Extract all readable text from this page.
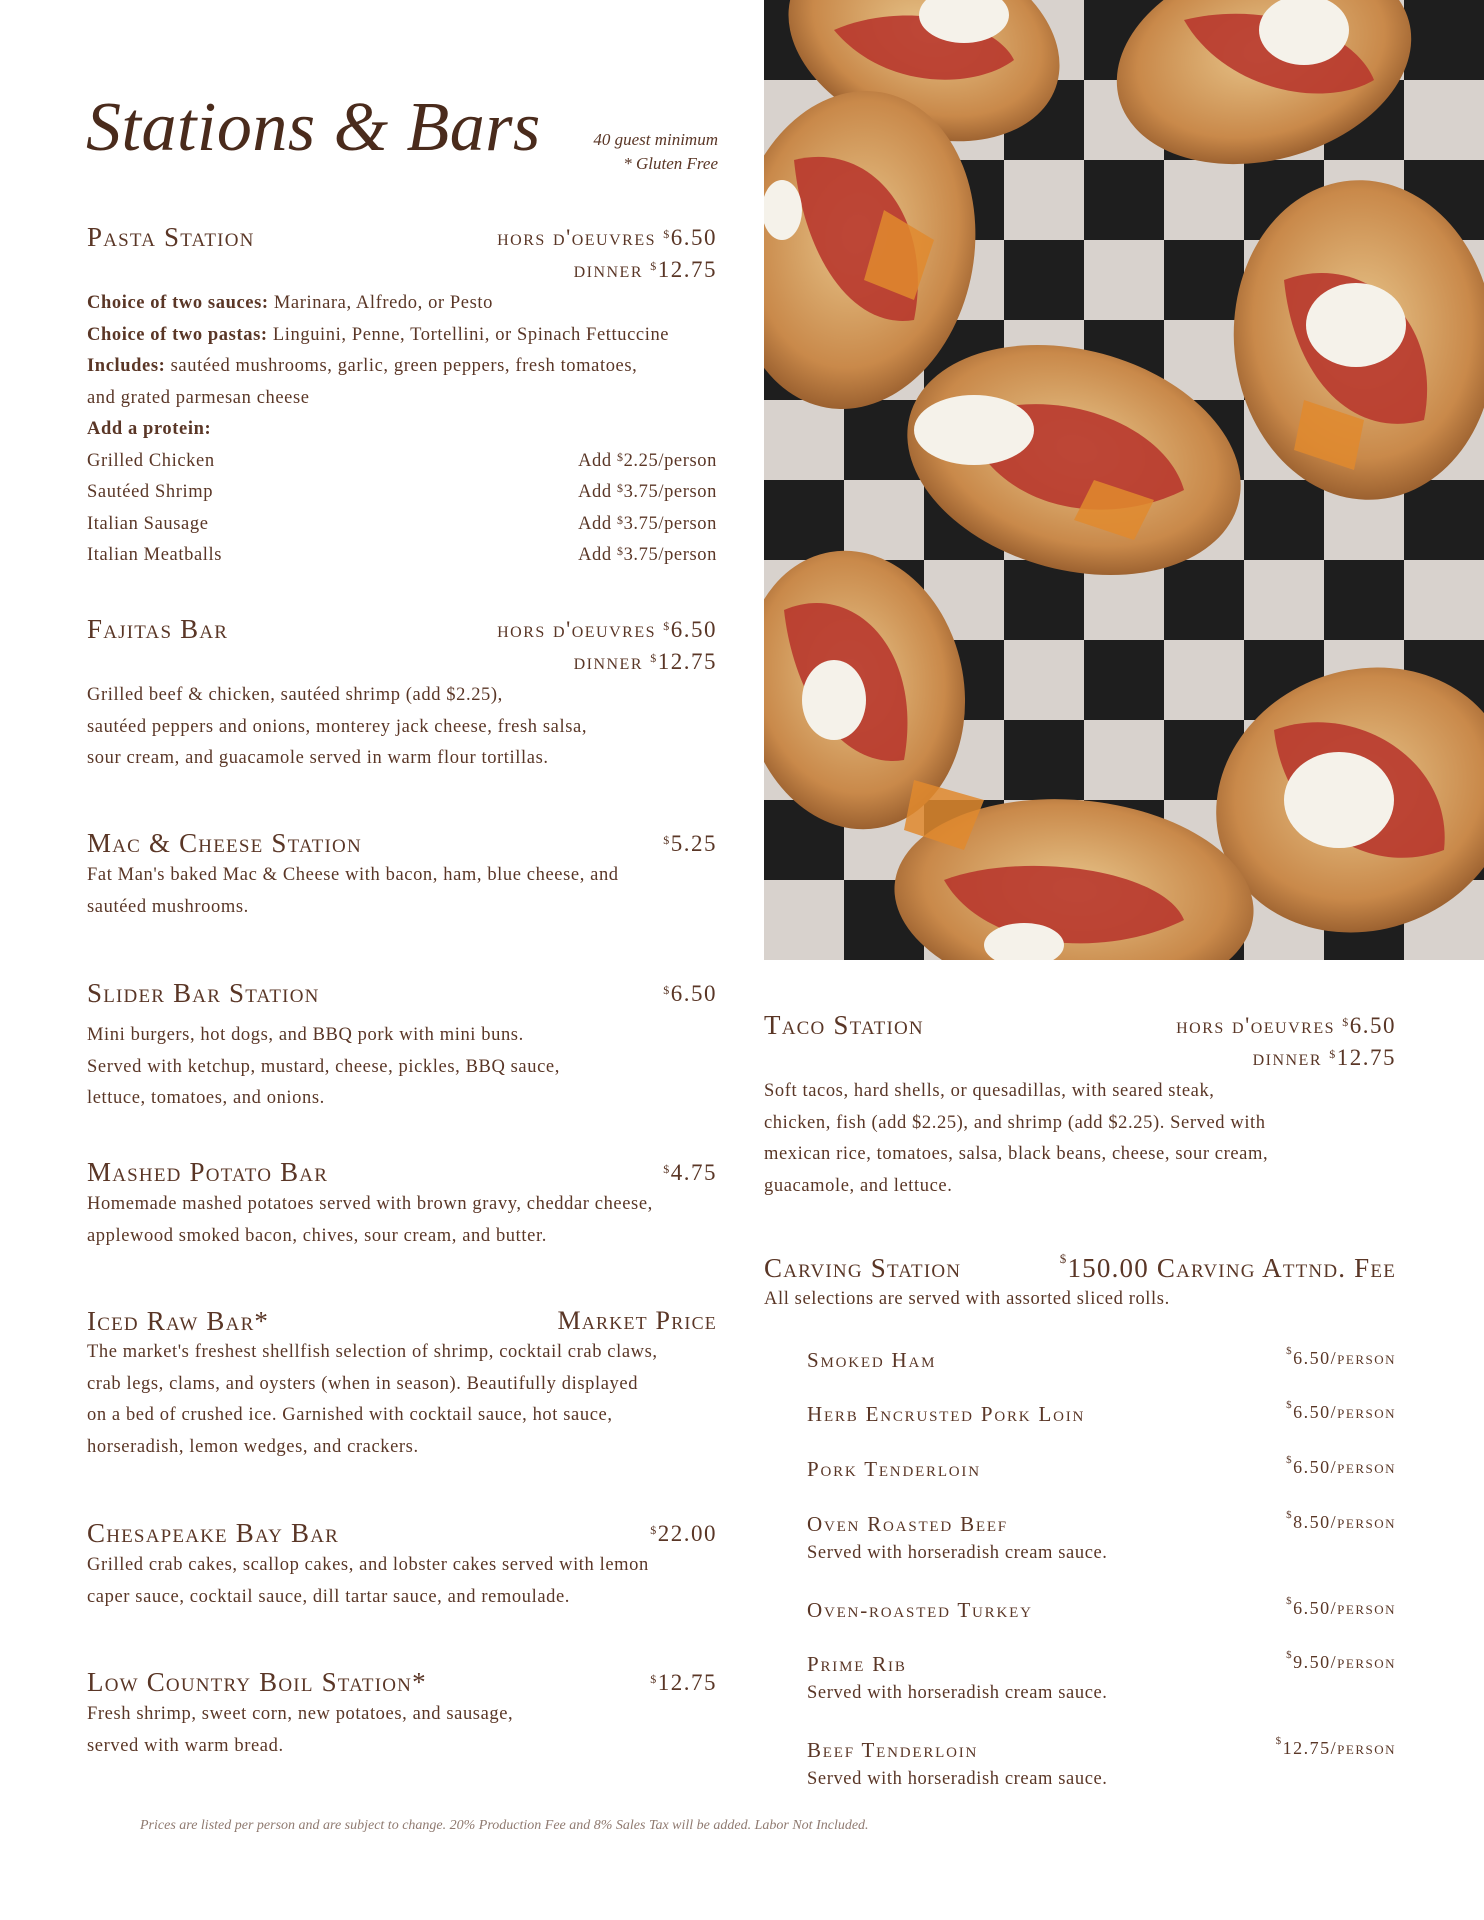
Stations & Bars	40 guest minimum
* Gluten Free
Pasta Station	hors d'oeuvres $6.50
dinner $12.75
Choice of two sauces: Marinara, Alfredo, or Pesto
Choice of two pastas: Linguini, Penne, Tortellini, or Spinach Fettuccine
Includes: sautéed mushrooms, garlic, green peppers, fresh tomatoes,
and grated parmesan cheese
Add a protein:
Grilled Chicken	Add $2.25/person
Sautéed Shrimp	Add $3.75/person
Italian Sausage	Add $3.75/person
Italian Meatballs	Add $3.75/person
Fajitas Bar	hors d'oeuvres $6.50
dinner $12.75
Grilled beef & chicken, sautéed shrimp (add $2.25),
sautéed peppers and onions, monterey jack cheese, fresh salsa,
sour cream, and guacamole served in warm flour tortillas.
Mac & Cheese Station	$5.25
Fat Man's baked Mac & Cheese with bacon, ham, blue cheese, and
sautéed mushrooms.
Slider Bar Station	$6.50
Mini burgers, hot dogs, and BBQ pork with mini buns.
Served with ketchup, mustard, cheese, pickles, BBQ sauce,
lettuce, tomatoes, and onions.
Mashed Potato Bar	$4.75
Homemade mashed potatoes served with brown gravy, cheddar cheese,
applewood smoked bacon, chives, sour cream, and butter.
Iced Raw Bar*	Market Price
The market's freshest shellfish selection of shrimp, cocktail crab claws,
crab legs, clams, and oysters (when in season). Beautifully displayed
on a bed of crushed ice. Garnished with cocktail sauce, hot sauce,
horseradish, lemon wedges, and crackers.
Chesapeake Bay Bar	$22.00
Grilled crab cakes, scallop cakes, and lobster cakes served with lemon
caper sauce, cocktail sauce, dill tartar sauce, and remoulade.
Low Country Boil Station*	$12.75
Fresh shrimp, sweet corn, new potatoes, and sausage,
served with warm bread.
Taco Station	hors d'oeuvres $6.50
dinner $12.75
Soft tacos, hard shells, or quesadillas, with seared steak,
chicken, fish (add $2.25), and shrimp (add $2.25). Served with
mexican rice, tomatoes, salsa, black beans, cheese, sour cream,
guacamole, and lettuce.
Carving Station	$150.00 Carving Attnd. Fee
All selections are served with assorted sliced rolls.
Smoked Ham	$6.50/person
Herb Encrusted Pork Loin	$6.50/person
Pork Tenderloin	$6.50/person
Oven Roasted Beef	$8.50/person
Served with horseradish cream sauce.
Oven-roasted Turkey	$6.50/person
Prime Rib	$9.50/person
Served with horseradish cream sauce.
Beef Tenderloin	$12.75/person
Served with horseradish cream sauce.
Prices are listed per person and are subject to change. 20% Production Fee and 8% Sales Tax will be added. Labor Not Included.
